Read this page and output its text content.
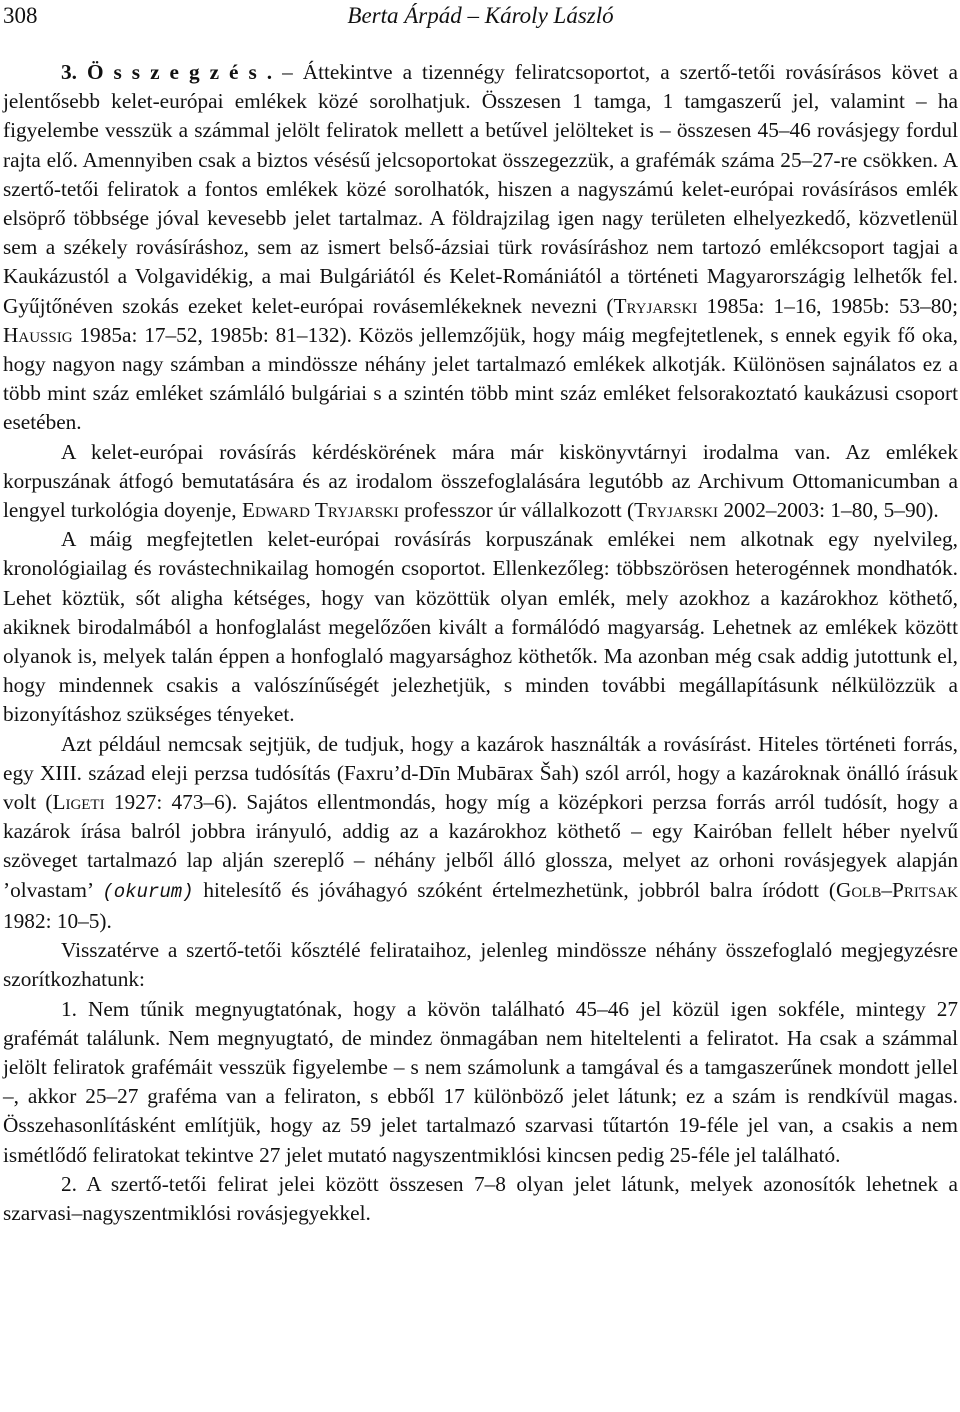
308	Berta Árpád – Károly László

3. Ö s s z e g z é s . – Áttekintve a tizennégy feliratcsoportot, a szertő-tetői rovásírásos követ a jelentősebb kelet-európai emlékek közé sorolhatjuk. Összesen 1 tamga, 1 tamgaszerű jel, valamint – ha figyelembe vesszük a számmal jelölt feliratok mellett a betűvel jelölteket is – összesen 45–46 rovásjegy fordul rajta elő. Amennyiben csak a biztos vésésű jelcsoportokat összegezzük, a grafémák száma 25–27-re csökken. A szertő-tetői feliratok a fontos emlékek közé sorolhatók, hiszen a nagyszámú kelet-európai rovásírásos emlék elsöprő többsége jóval kevesebb jelet tartalmaz. A földrajzilag igen nagy területen elhelyezkedő, közvetlenül sem a székely rovásíráshoz, sem az ismert belső-ázsiai türk rovásíráshoz nem tartozó emlékcsoport tagjai a Kaukázustól a Volgavidékig, a mai Bulgáriától és Kelet-Romániától a történeti Magyarországig lelhetők fel. Gyűjtőnéven szokás ezeket kelet-európai rovásemlékeknek nevezni (Tryjarski 1985a: 1–16, 1985b: 53–80; Haussig 1985a: 17–52, 1985b: 81–132). Közös jellemzőjük, hogy máig megfejtetlenek, s ennek egyik fő oka, hogy nagyon nagy számban a mindössze néhány jelet tartalmazó emlékek alkotják. Különösen sajnálatos ez a több mint száz emléket számláló bulgáriai s a szintén több mint száz emléket felsorakoztató kaukázusi csoport esetében.

A kelet-európai rovásírás kérdéskörének mára már kiskönyvtárnyi irodalma van. Az emlékek korpuszának átfogó bemutatására és az irodalom összefoglalására legutóbb az Archivum Ottomanicumban a lengyel turkológia doyenje, Edward Tryjarski professzor úr vállalkozott (Tryjarski 2002–2003: 1–80, 5–90).

A máig megfejtetlen kelet-európai rovásírás korpuszának emlékei nem alkotnak egy nyelvileg, kronológiailag és rovástechnikailag homogén csoportot. Ellenkezőleg: többszörösen heterogénnek mondhatók. Lehet köztük, sőt aligha kétséges, hogy van közöttük olyan emlék, mely azokhoz a kazárokhoz köthető, akiknek birodalmából a honfoglalást megelőzően kivált a formálódó magyarság. Lehetnek az emlékek között olyanok is, melyek talán éppen a honfoglaló magyarsághoz köthetők. Ma azonban még csak addig jutottunk el, hogy mindennek csakis a valószínűségét jelezhetjük, s minden további megállapításunk nélkülözzük a bizonyításhoz szükséges tényeket.

Azt például nemcsak sejtjük, de tudjuk, hogy a kazárok használták a rovásírást. Hiteles történeti forrás, egy XIII. század eleji perzsa tudósítás (Faxru’d-Dīn Mubārax Šah) szól arról, hogy a kazároknak önálló írásuk volt (Ligeti 1927: 473–6). Sajátos ellentmondás, hogy míg a középkori perzsa forrás arról tudósít, hogy a kazárok írása balról jobbra irányuló, addig az a kazárokhoz köthető – egy Kairóban fellelt héber nyelvű szöveget tartalmazó lap alján szereplő – néhány jelből álló glossza, melyet az orhoni rovásjegyek alapján ’olvastam’ (okurum) hitelesítő és jóváhagyó szóként értelmezhetünk, jobbról balra íródott (Golb–Pritsak 1982: 10–5).

Visszatérve a szertő-tetői kősztélé felirataihoz, jelenleg mindössze néhány összefoglaló megjegyzésre szorítkozhatunk:

1. Nem tűnik megnyugtatónak, hogy a kövön található 45–46 jel közül igen sokféle, mintegy 27 grafémát találunk. Nem megnyugtató, de mindez önmagában nem hiteltelenti a feliratot. Ha csak a számmal jelölt feliratok grafémáit vesszük figyelembe – s nem számolunk a tamgával és a tamgaszerűnek mondott jellel –, akkor 25–27 graféma van a feliraton, s ebből 17 különböző jelet látunk; ez a szám is rendkívül magas. Összehasonlításként említjük, hogy az 59 jelet tartalmazó szarvasi tűtartón 19-féle jel van, a csakis a nem ismétlődő feliratokat tekintve 27 jelet mutató nagyszentmiklósi kincsen pedig 25-féle jel található.

2. A szertő-tetői felirat jelei között összesen 7–8 olyan jelet látunk, melyek azonosítók lehetnek a szarvasi–nagyszentmiklósi rovásjegyekkel.
